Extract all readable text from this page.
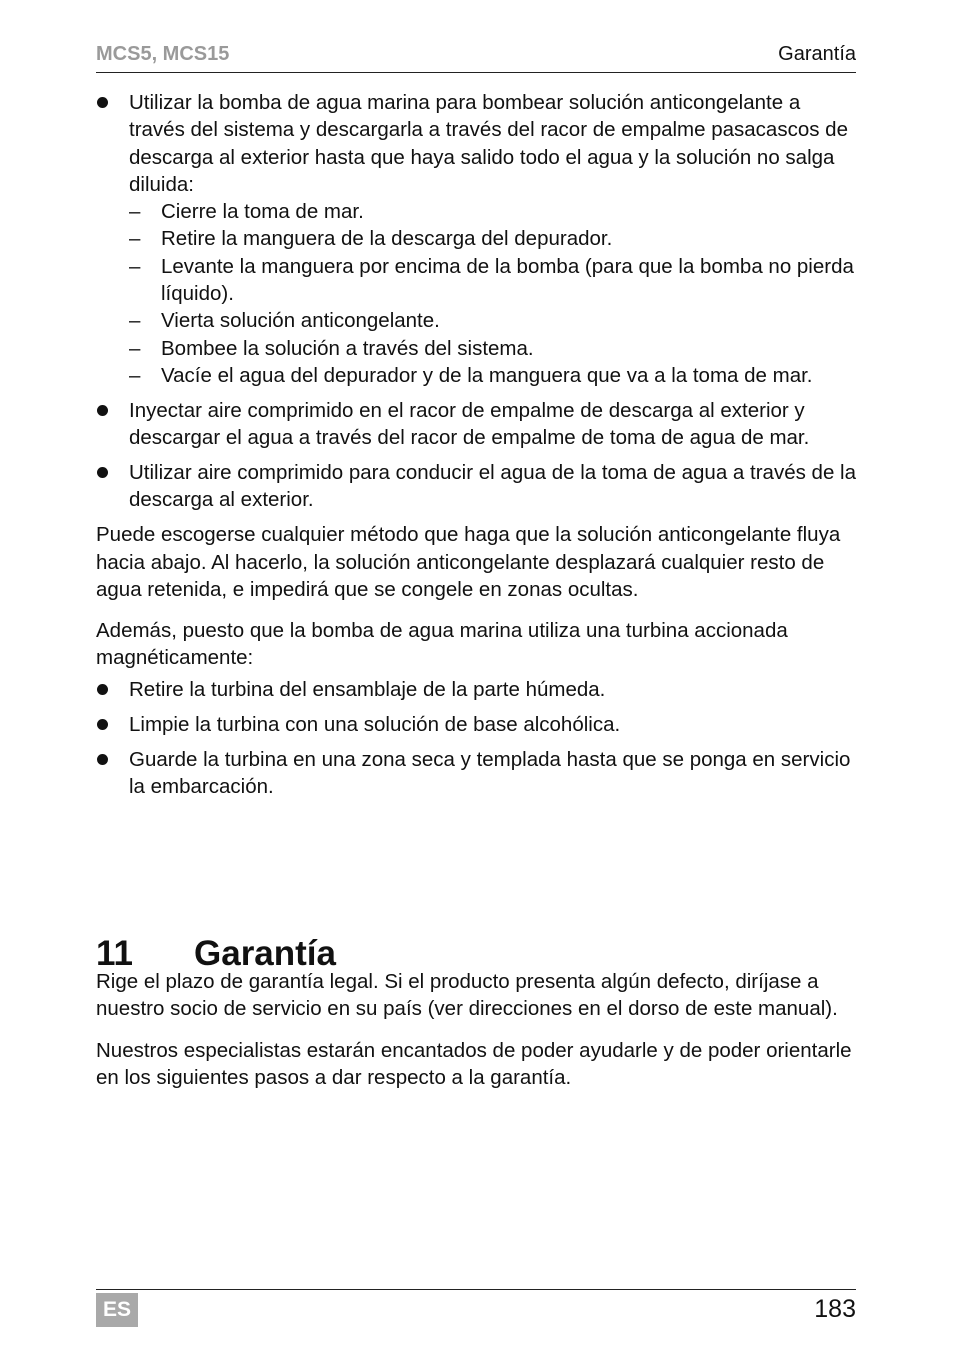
MCS5, MCS15	Garantía
Utilizar la bomba de agua marina para bombear solución anticongelante a través del sistema y descargarla a través del racor de empalme pasacascos de descarga al exterior hasta que haya salido todo el agua y la solución no salga diluida:
– Cierre la toma de mar.
– Retire la manguera de la descarga del depurador.
– Levante la manguera por encima de la bomba (para que la bomba no pierda líquido).
– Vierta solución anticongelante.
– Bombee la solución a través del sistema.
– Vacíe el agua del depurador y de la manguera que va a la toma de mar.
Inyectar aire comprimido en el racor de empalme de descarga al exterior y descargar el agua a través del racor de empalme de toma de agua de mar.
Utilizar aire comprimido para conducir el agua de la toma de agua a través de la descarga al exterior.

Puede escogerse cualquier método que haga que la solución anticongelante fluya hacia abajo. Al hacerlo, la solución anticongelante desplazará cualquier resto de agua retenida, e impedirá que se congele en zonas ocultas.

Además, puesto que la bomba de agua marina utiliza una turbina accionada magnéticamente:

Retire la turbina del ensamblaje de la parte húmeda.
Limpie la turbina con una solución de base alcohólica.
Guarde la turbina en una zona seca y templada hasta que se ponga en servicio la embarcación.
11 Garantía

Rige el plazo de garantía legal. Si el producto presenta algún defecto, diríjase a nuestro socio de servicio en su país (ver direcciones en el dorso de este manual).

Nuestros especialistas estarán encantados de poder ayudarle y de poder orientarle en los siguientes pasos a dar respecto a la garantía.

ES	183
